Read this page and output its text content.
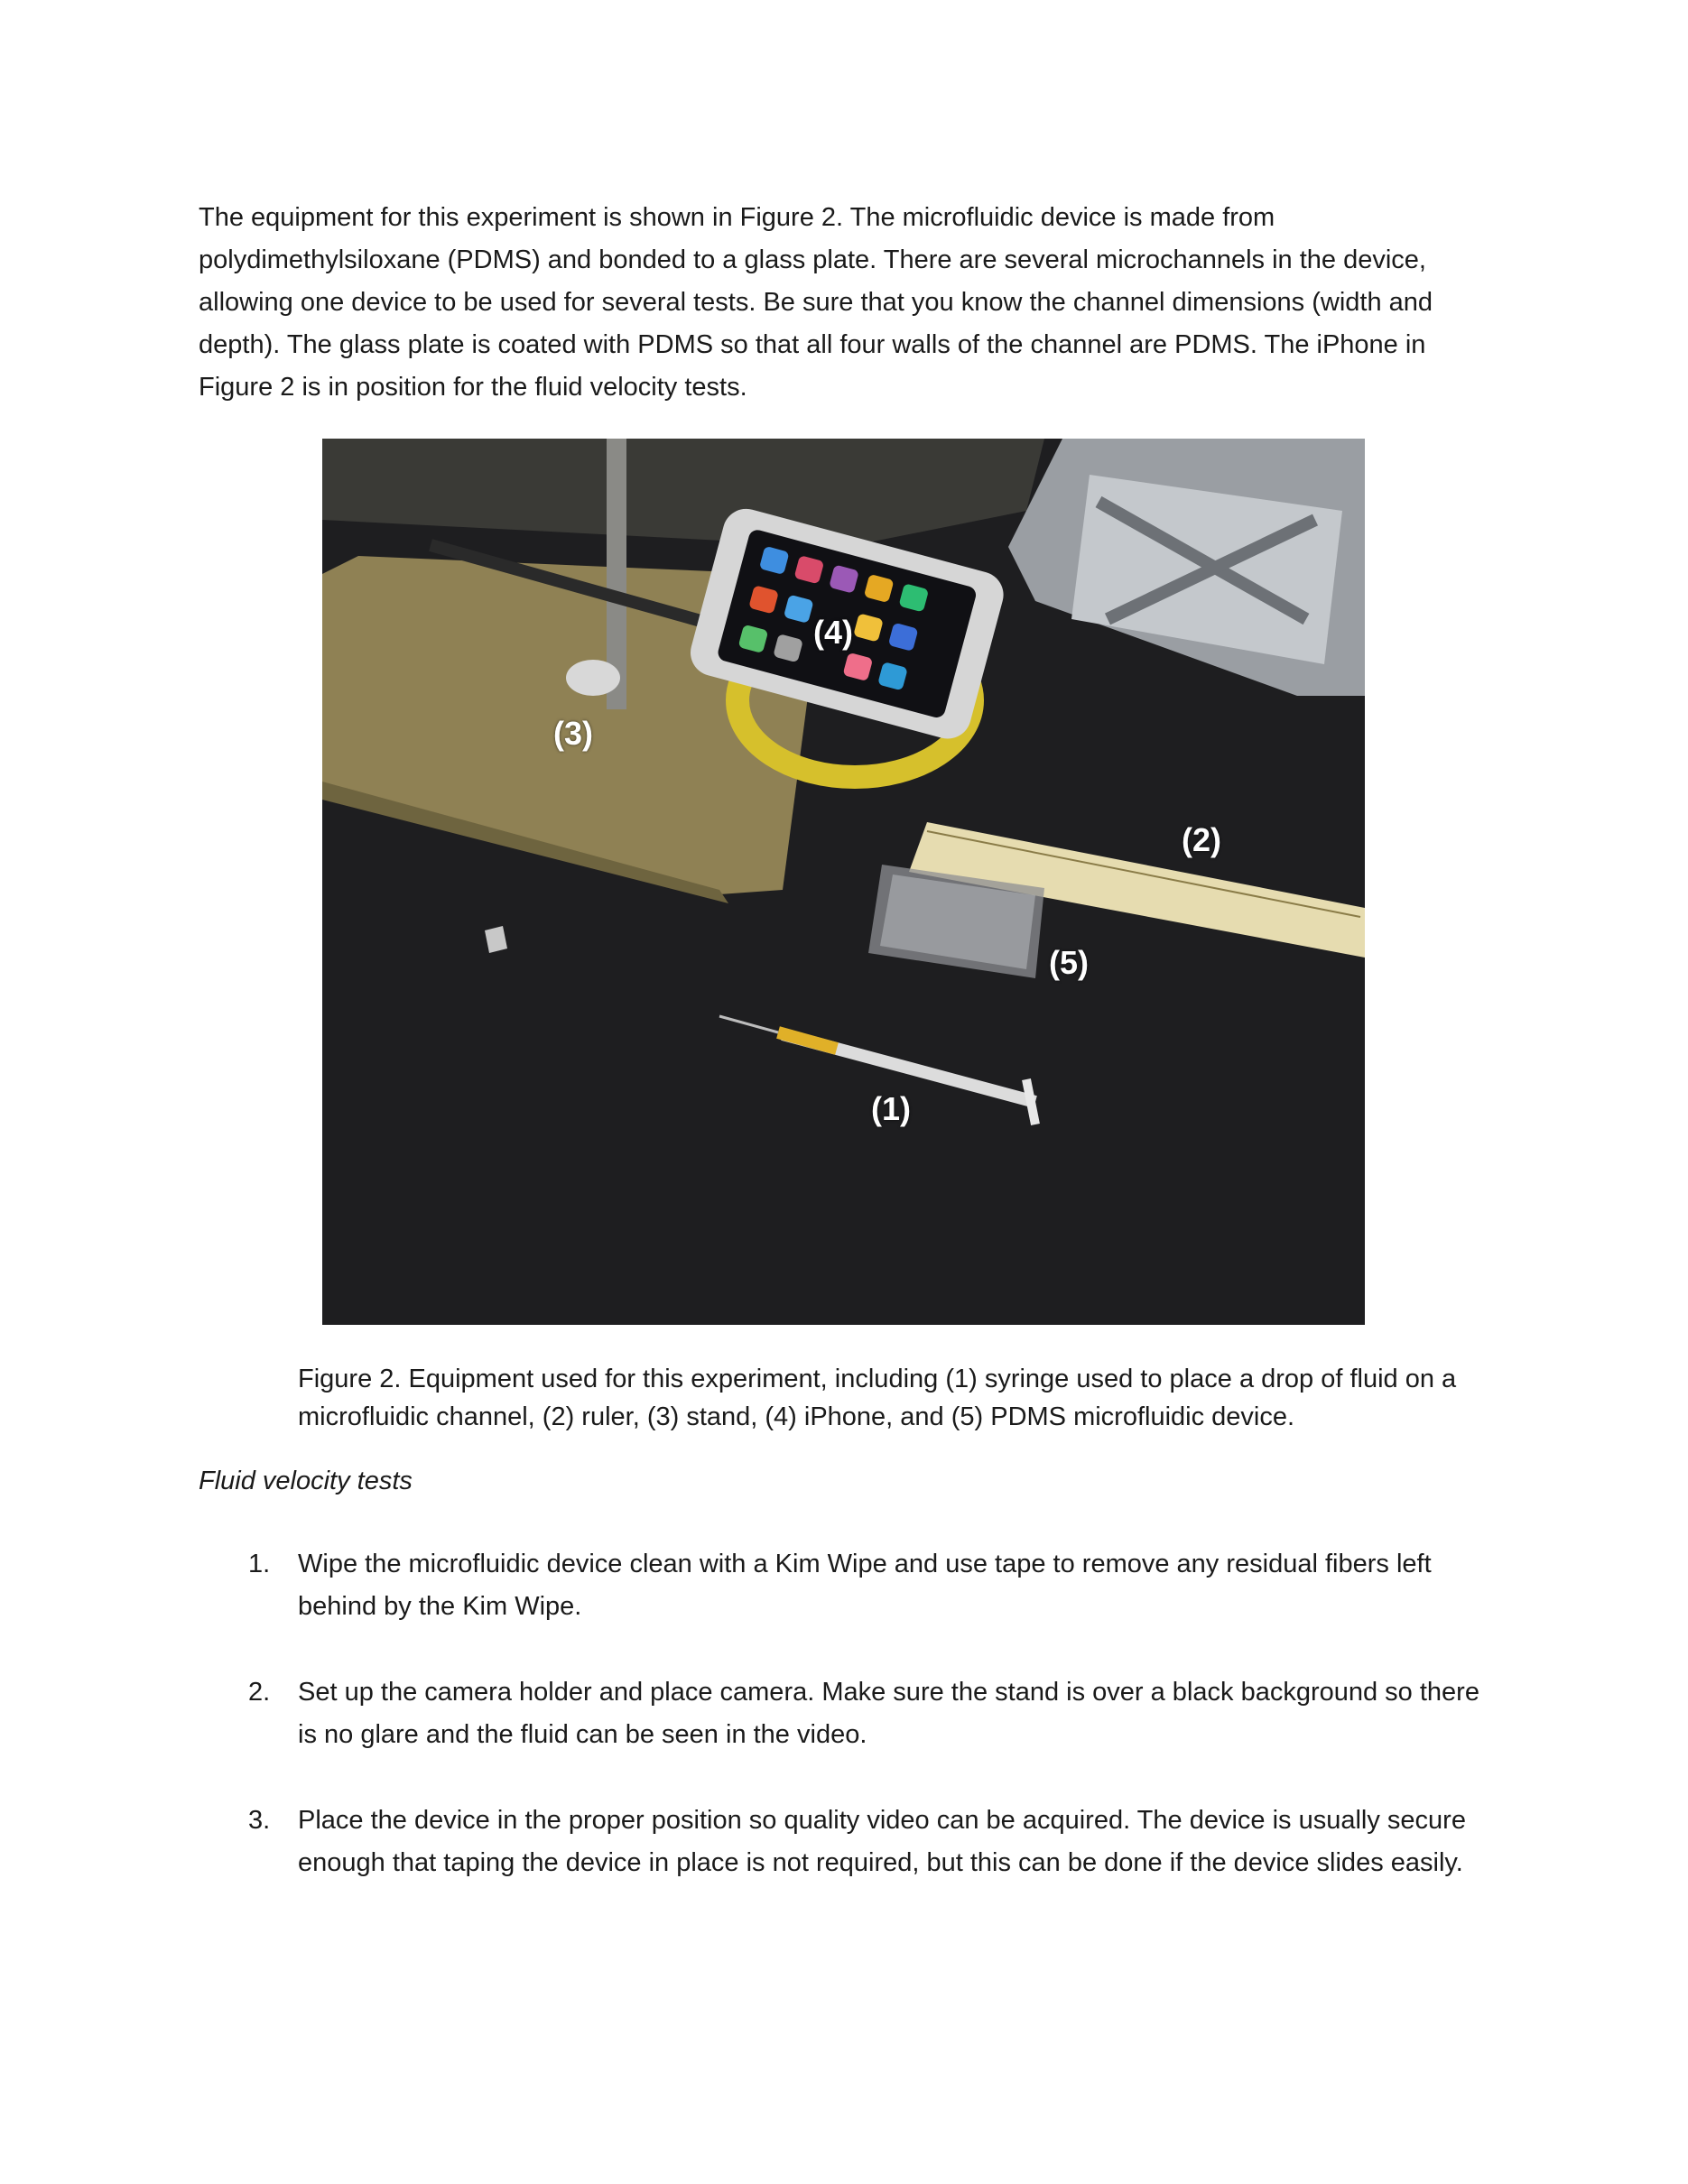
The equipment for this experiment is shown in Figure 2. The microfluidic device is made from polydimethylsiloxane (PDMS) and bonded to a glass plate. There are several microchannels in the device, allowing one device to be used for several tests. Be sure that you know the channel dimensions (width and depth). The glass plate is coated with PDMS so that all four walls of the channel are PDMS. The iPhone in Figure 2 is in position for the fluid velocity tests.

(1)
(2)
(3)
(4)
(5)

Figure 2. Equipment used for this experiment, including (1) syringe used to place a drop of fluid on a microfluidic channel, (2) ruler, (3) stand, (4) iPhone, and (5) PDMS microfluidic device.

Fluid velocity tests

1. Wipe the microfluidic device clean with a Kim Wipe and use tape to remove any residual fibers left behind by the Kim Wipe.
2. Set up the camera holder and place camera. Make sure the stand is over a black background so there is no glare and the fluid can be seen in the video.
3. Place the device in the proper position so quality video can be acquired. The device is usually secure enough that taping the device in place is not required, but this can be done if the device slides easily.
